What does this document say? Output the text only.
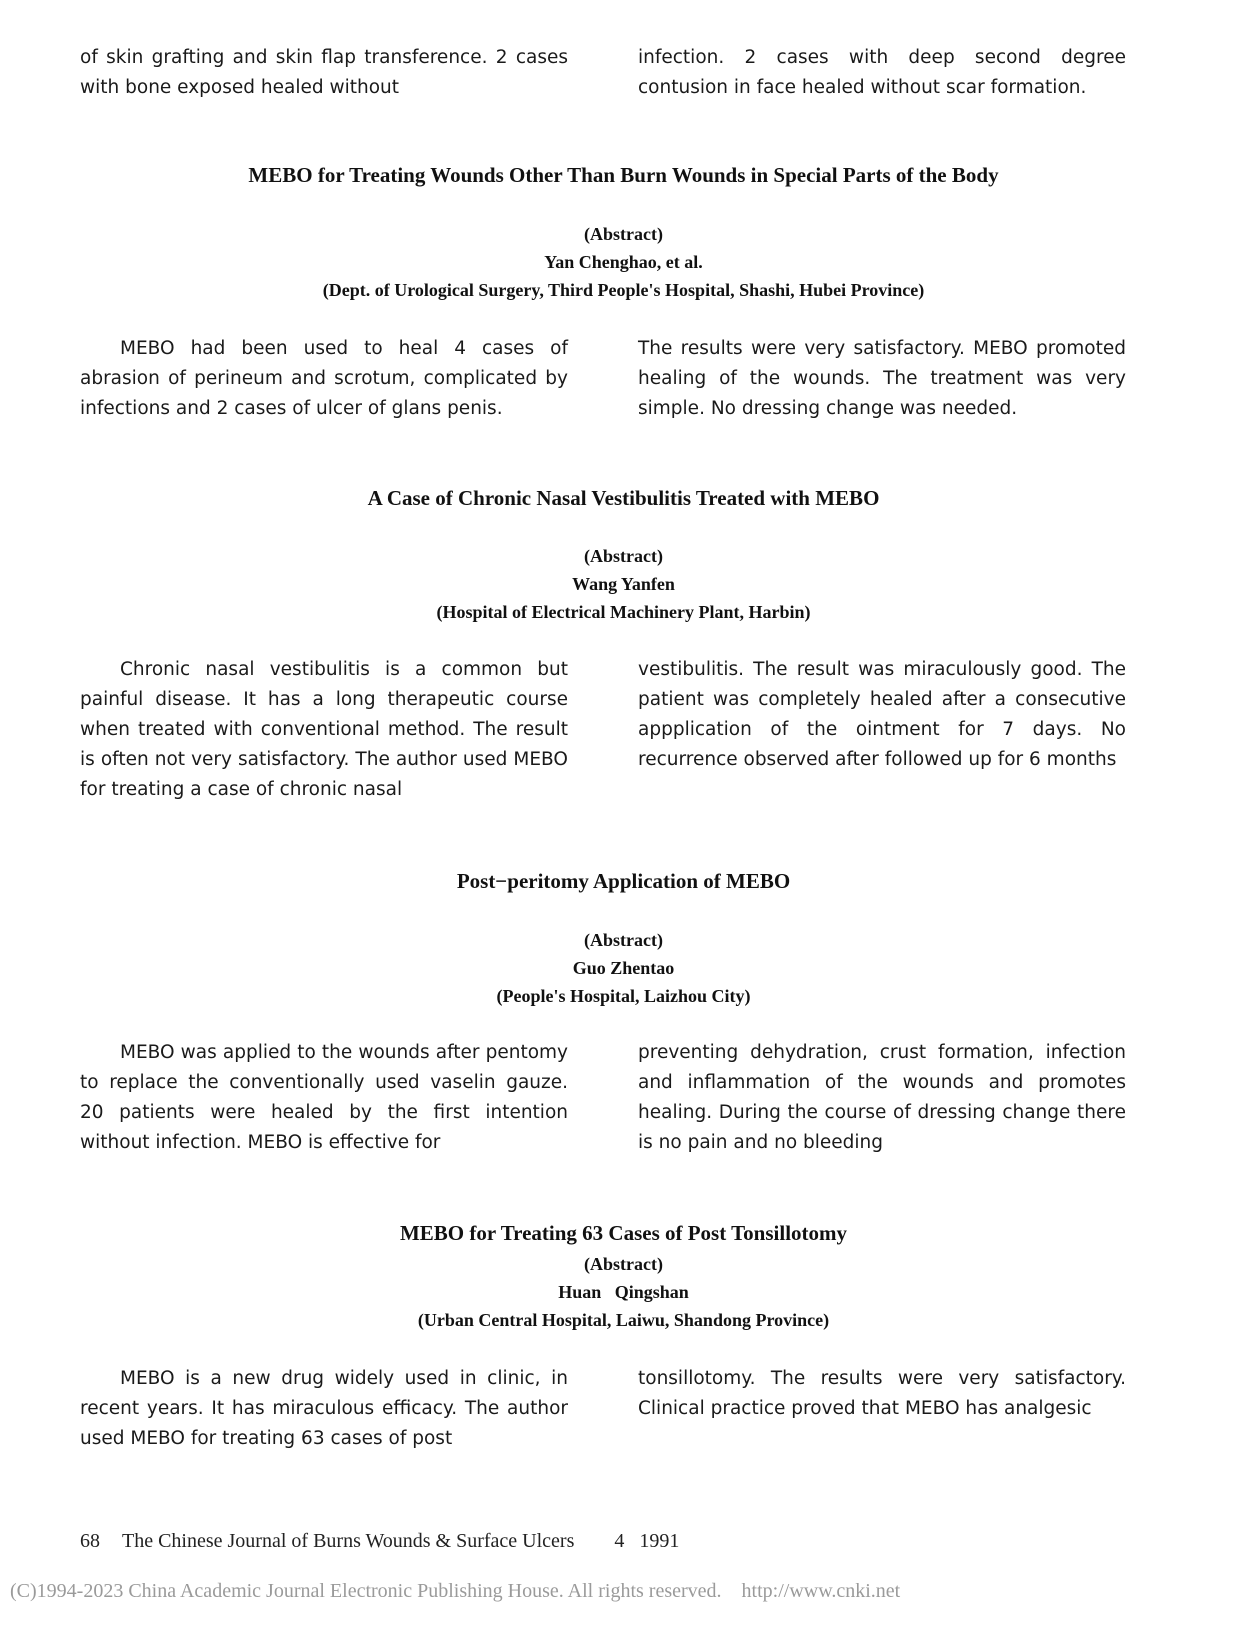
of skin grafting and skin flap transference. 2 cases with bone exposed healed without
infection. 2 cases with deep second degree contusion in face healed without scar formation.
MEBO for Treating Wounds Other Than Burn Wounds in Special Parts of the Body
(Abstract)
Yan Chenghao, et al.
(Dept. of Urological Surgery, Third People's Hospital, Shashi, Hubei Province)
MEBO had been used to heal 4 cases of abrasion of perineum and scrotum, complicated by infections and 2 cases of ulcer of glans penis.
The results were very satisfactory. MEBO promoted healing of the wounds. The treatment was very simple. No dressing change was needed.
A Case of Chronic Nasal Vestibulitis Treated with MEBO
(Abstract)
Wang Yanfen
(Hospital of Electrical Machinery Plant, Harbin)
Chronic nasal vestibulitis is a common but painful disease. It has a long therapeutic course when treated with conventional method. The result is often not very satisfactory. The author used MEBO for treating a case of chronic nasal
vestibulitis. The result was miraculously good. The patient was completely healed after a consecutive appplication of the ointment for 7 days. No recurrence observed after followed up for 6 months
Post−peritomy Application of MEBO
(Abstract)
Guo Zhentao
(People's Hospital, Laizhou City)
MEBO was applied to the wounds after pentomy to replace the conventionally used vaselin gauze. 20 patients were healed by the first intention without infection. MEBO is effective for
preventing dehydration, crust formation, infection and inflammation of the wounds and promotes healing. During the course of dressing change there is no pain and no bleeding
MEBO for Treating 63 Cases of Post Tonsillotomy
(Abstract)
Huan   Qingshan
(Urban Central Hospital, Laiwu, Shandong Province)
MEBO is a new drug widely used in clinic, in recent years. It has miraculous efficacy. The author used MEBO for treating 63 cases of post
tonsillotomy. The results were very satisfactory. Clinical practice proved that MEBO has analgesic
68 The Chinese Journal of Burns Wounds & Surface Ulcers 4   1991
(C)1994-2023 China Academic Journal Electronic Publishing House. All rights reserved.    http://www.cnki.net
